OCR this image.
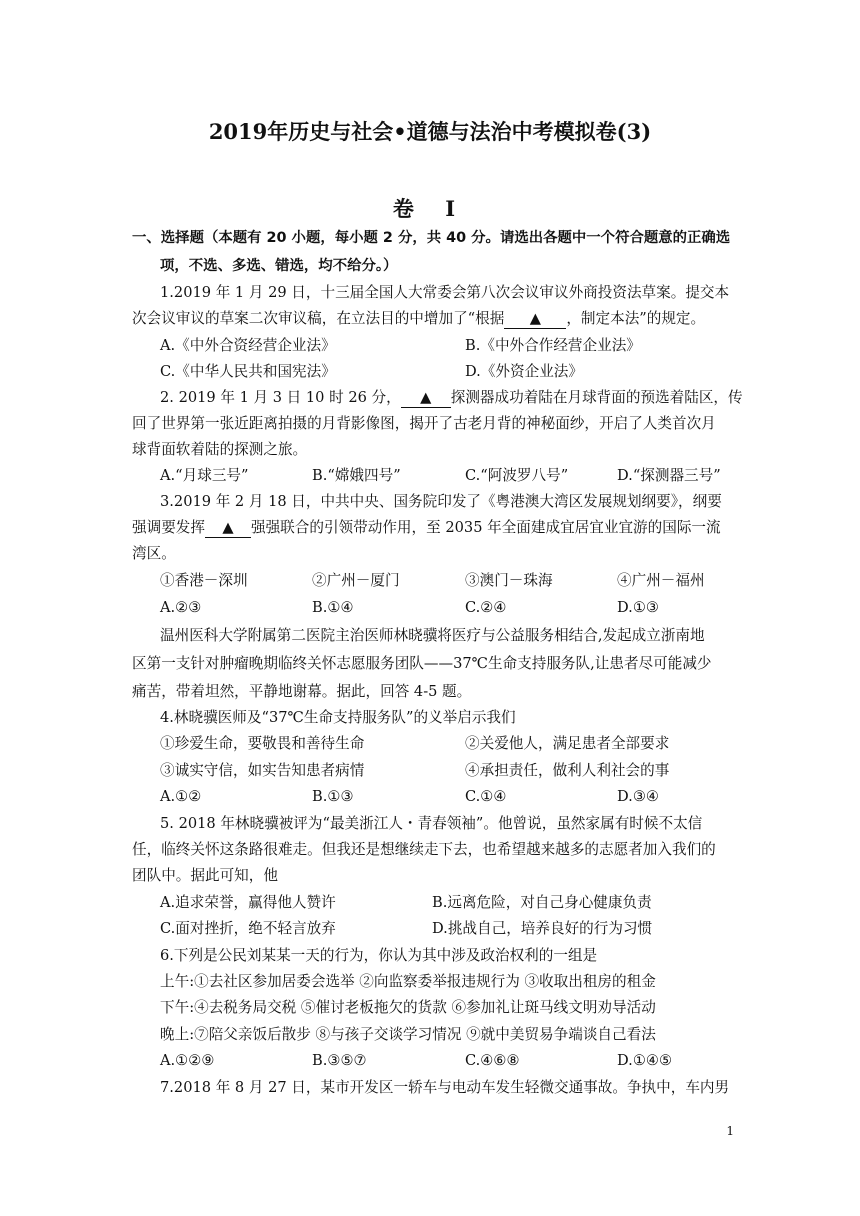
2019年历史与社会•道德与法治中考模拟卷(3)
卷 Ⅰ
一、选择题（本题有 20 小题，每小题 2 分，共 40 分。请选出各题中一个符合题意的正确选
项，不选、多选、错选，均不给分。）
1.2019 年 1 月 29 日，十三届全国人大常委会第八次会议审议外商投资法草案。提交本
次会议审议的草案二次审议稿，在立法目的中增加了“根据 ▲ ，制定本法”的规定。
A.《中外合资经营企业法》	B.《中外合作经营企业法》
C.《中华人民共和国宪法》	D.《外资企业法》
2. 2019 年 1 月 3 日 10 时 26 分， ▲ 探测器成功着陆在月球背面的预选着陆区，传
回了世界第一张近距离拍摄的月背影像图，揭开了古老月背的神秘面纱，开启了人类首次月
球背面软着陆的探测之旅。
A.“月球三号”	B.“嫦娥四号”	C.“阿波罗八号”	D.“探测器三号”
3.2019 年 2 月 18 日，中共中央、国务院印发了《粤港澳大湾区发展规划纲要》，纲要
强调要发挥 ▲ 强强联合的引领带动作用，至 2035 年全面建成宜居宜业宜游的国际一流
湾区。
①香港－深圳	②广州－厦门	③澳门－珠海	④广州－福州
A.②③	B.①④	C.②④	D.①③
温州医科大学附属第二医院主治医师林晓骥将医疗与公益服务相结合,发起成立浙南地
区第一支针对肿瘤晚期临终关怀志愿服务团队——37℃生命支持服务队,让患者尽可能减少
痛苦，带着坦然，平静地谢幕。据此，回答 4-5 题。
4.林晓骥医师及“37℃生命支持服务队”的义举启示我们
①珍爱生命，要敬畏和善待生命	②关爱他人，满足患者全部要求
③诚实守信，如实告知患者病情	④承担责任，做利人利社会的事
A.①②	B.①③	C.①④	D.③④
5. 2018 年林晓骥被评为“最美浙江人・青春领袖”。他曾说，虽然家属有时候不太信
任，临终关怀这条路很难走。但我还是想继续走下去，也希望越来越多的志愿者加入我们的
团队中。据此可知，他
A.追求荣誉，赢得他人赞许	B.远离危险，对自己身心健康负责
C.面对挫折，绝不轻言放弃	D.挑战自己，培养良好的行为习惯
6.下列是公民刘某某一天的行为，你认为其中涉及政治权利的一组是
上午:①去社区参加居委会选举 ②向监察委举报违规行为 ③收取出租房的租金
下午:④去税务局交税 ⑤催讨老板拖欠的货款 ⑥参加礼让斑马线文明劝导活动
晚上:⑦陪父亲饭后散步 ⑧与孩子交谈学习情况 ⑨就中美贸易争端谈自己看法
A.①②⑨	B.③⑤⑦	C.④⑥⑧	D.①④⑤
7.2018 年 8 月 27 日，某市开发区一轿车与电动车发生轻微交通事故。争执中，车内男
1
